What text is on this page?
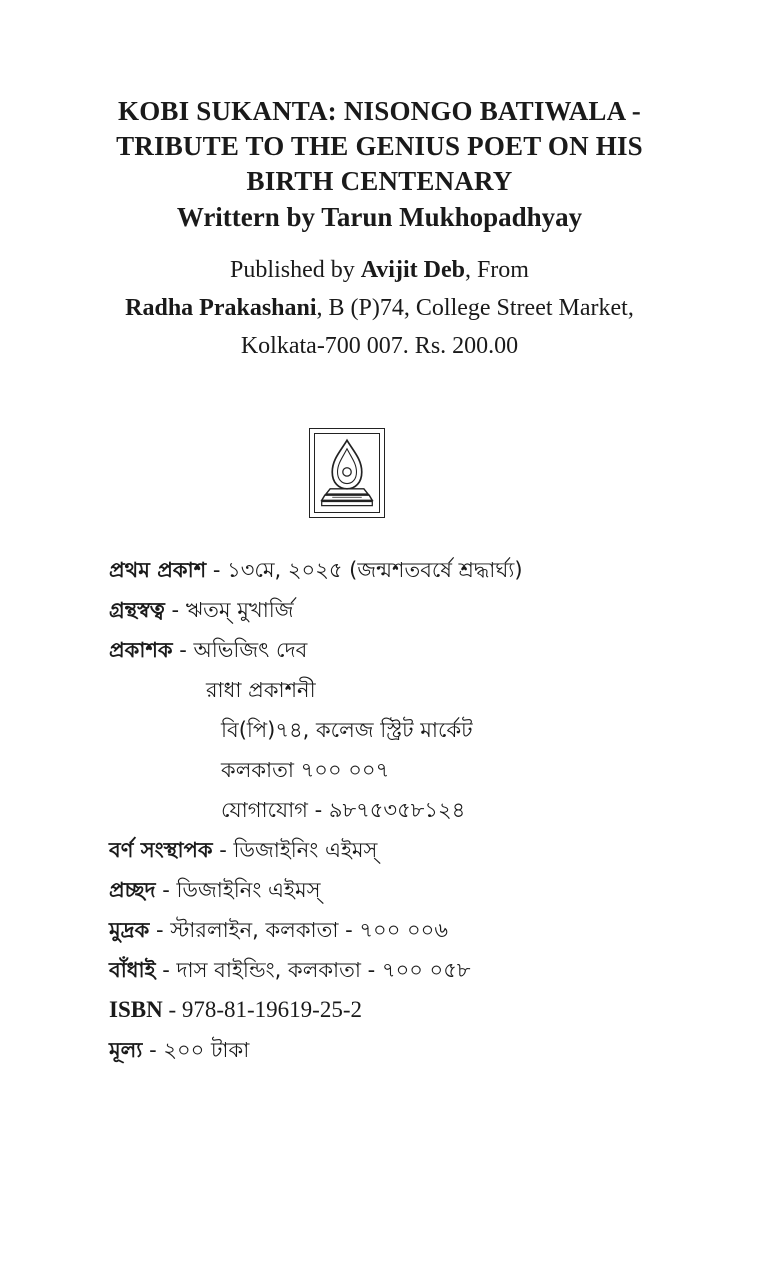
KOBI SUKANTA: NISONGO BATIWALA -
TRIBUTE TO THE GENIUS POET ON HIS
BIRTH CENTENARY
Writtern by Tarun Mukhopadhyay
Published by Avijit Deb, From
Radha Prakashani, B (P)74, College Street Market,
Kolkata-700 007. Rs. 200.00
প্রথম প্রকাশ - ১৩মে, ২০২৫ (জন্মশতবর্ষে শ্রদ্ধার্ঘ্য)
গ্রন্থস্বত্ব - ঋতম্ মুখার্জি
প্রকাশক - অভিজিৎ দেব
রাধা প্রকাশনী
বি(পি)৭৪, কলেজ স্ট্রিট মার্কেট
কলকাতা ৭০০ ০০৭
যোগাযোগ - ৯৮৭৫৩৫৮১২৪
বর্ণ সংস্থাপক - ডিজাইনিং এইমস্
প্রচ্ছদ - ডিজাইনিং এইমস্
মুদ্রক - স্টারলাইন, কলকাতা - ৭০০ ০০৬
বাঁধাই - দাস বাইন্ডিং, কলকাতা - ৭০০ ০৫৮
ISBN - 978-81-19619-25-2
মূল্য - ২০০ টাকা
